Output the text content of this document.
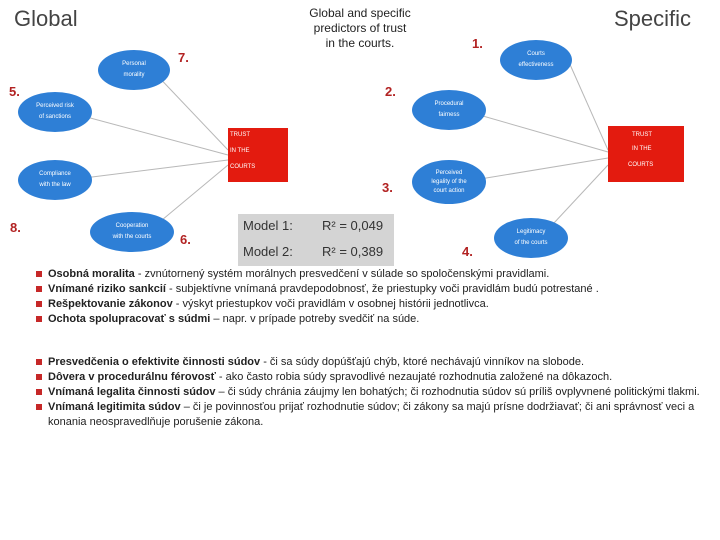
Global	Specific
Global and specific
predictors of trust
in the courts.
7.
5.
1.
2.
3.
8.
6.
4.
Personal
morality
Perceived risk
of sanctions
Compliance
with the law
Cooperation
with the courts
TRUST
IN THE
COURTS
Courts
effectiveness
Procedural
fairness
Perceived
legality of the
court action
Legitimacy
of the courts
TRUST
IN THE
COURTS
Model 1: R² = 0,049
Model 2: R² = 0,389
Osobná moralita - zvnútornený systém morálnych presvedčení v súlade so spoločenskými pravidlami.
Vnímané riziko sankcií - subjektívne vnímaná pravdepodobnosť, že priestupky voči pravidlám budú potrestané .
Rešpektovanie zákonov - výskyt priestupkov voči pravidlám v osobnej histórii jednotlivca.
Ochota spolupracovať s súdmi – napr. v prípade potreby svedčiť na súde.
Presvedčenia o efektivite činnosti súdov - či sa súdy dopúšťajú chýb, ktoré nechávajú vinníkov na slobode.
Dôvera v procedurálnu férovosť - ako často robia súdy spravodlivé nezaujaté rozhodnutia založené na dôkazoch.
Vnímaná legalita činnosti súdov – či súdy chránia záujmy len bohatých; či rozhodnutia súdov sú príliš ovplyvnené politickými tlakmi.
Vnímaná legitimita súdov – či je povinnosťou prijať rozhodnutie súdov; či zákony sa majú prísne dodržiavať; či ani správnosť veci a konania neospravedlňuje porušenie zákona.
